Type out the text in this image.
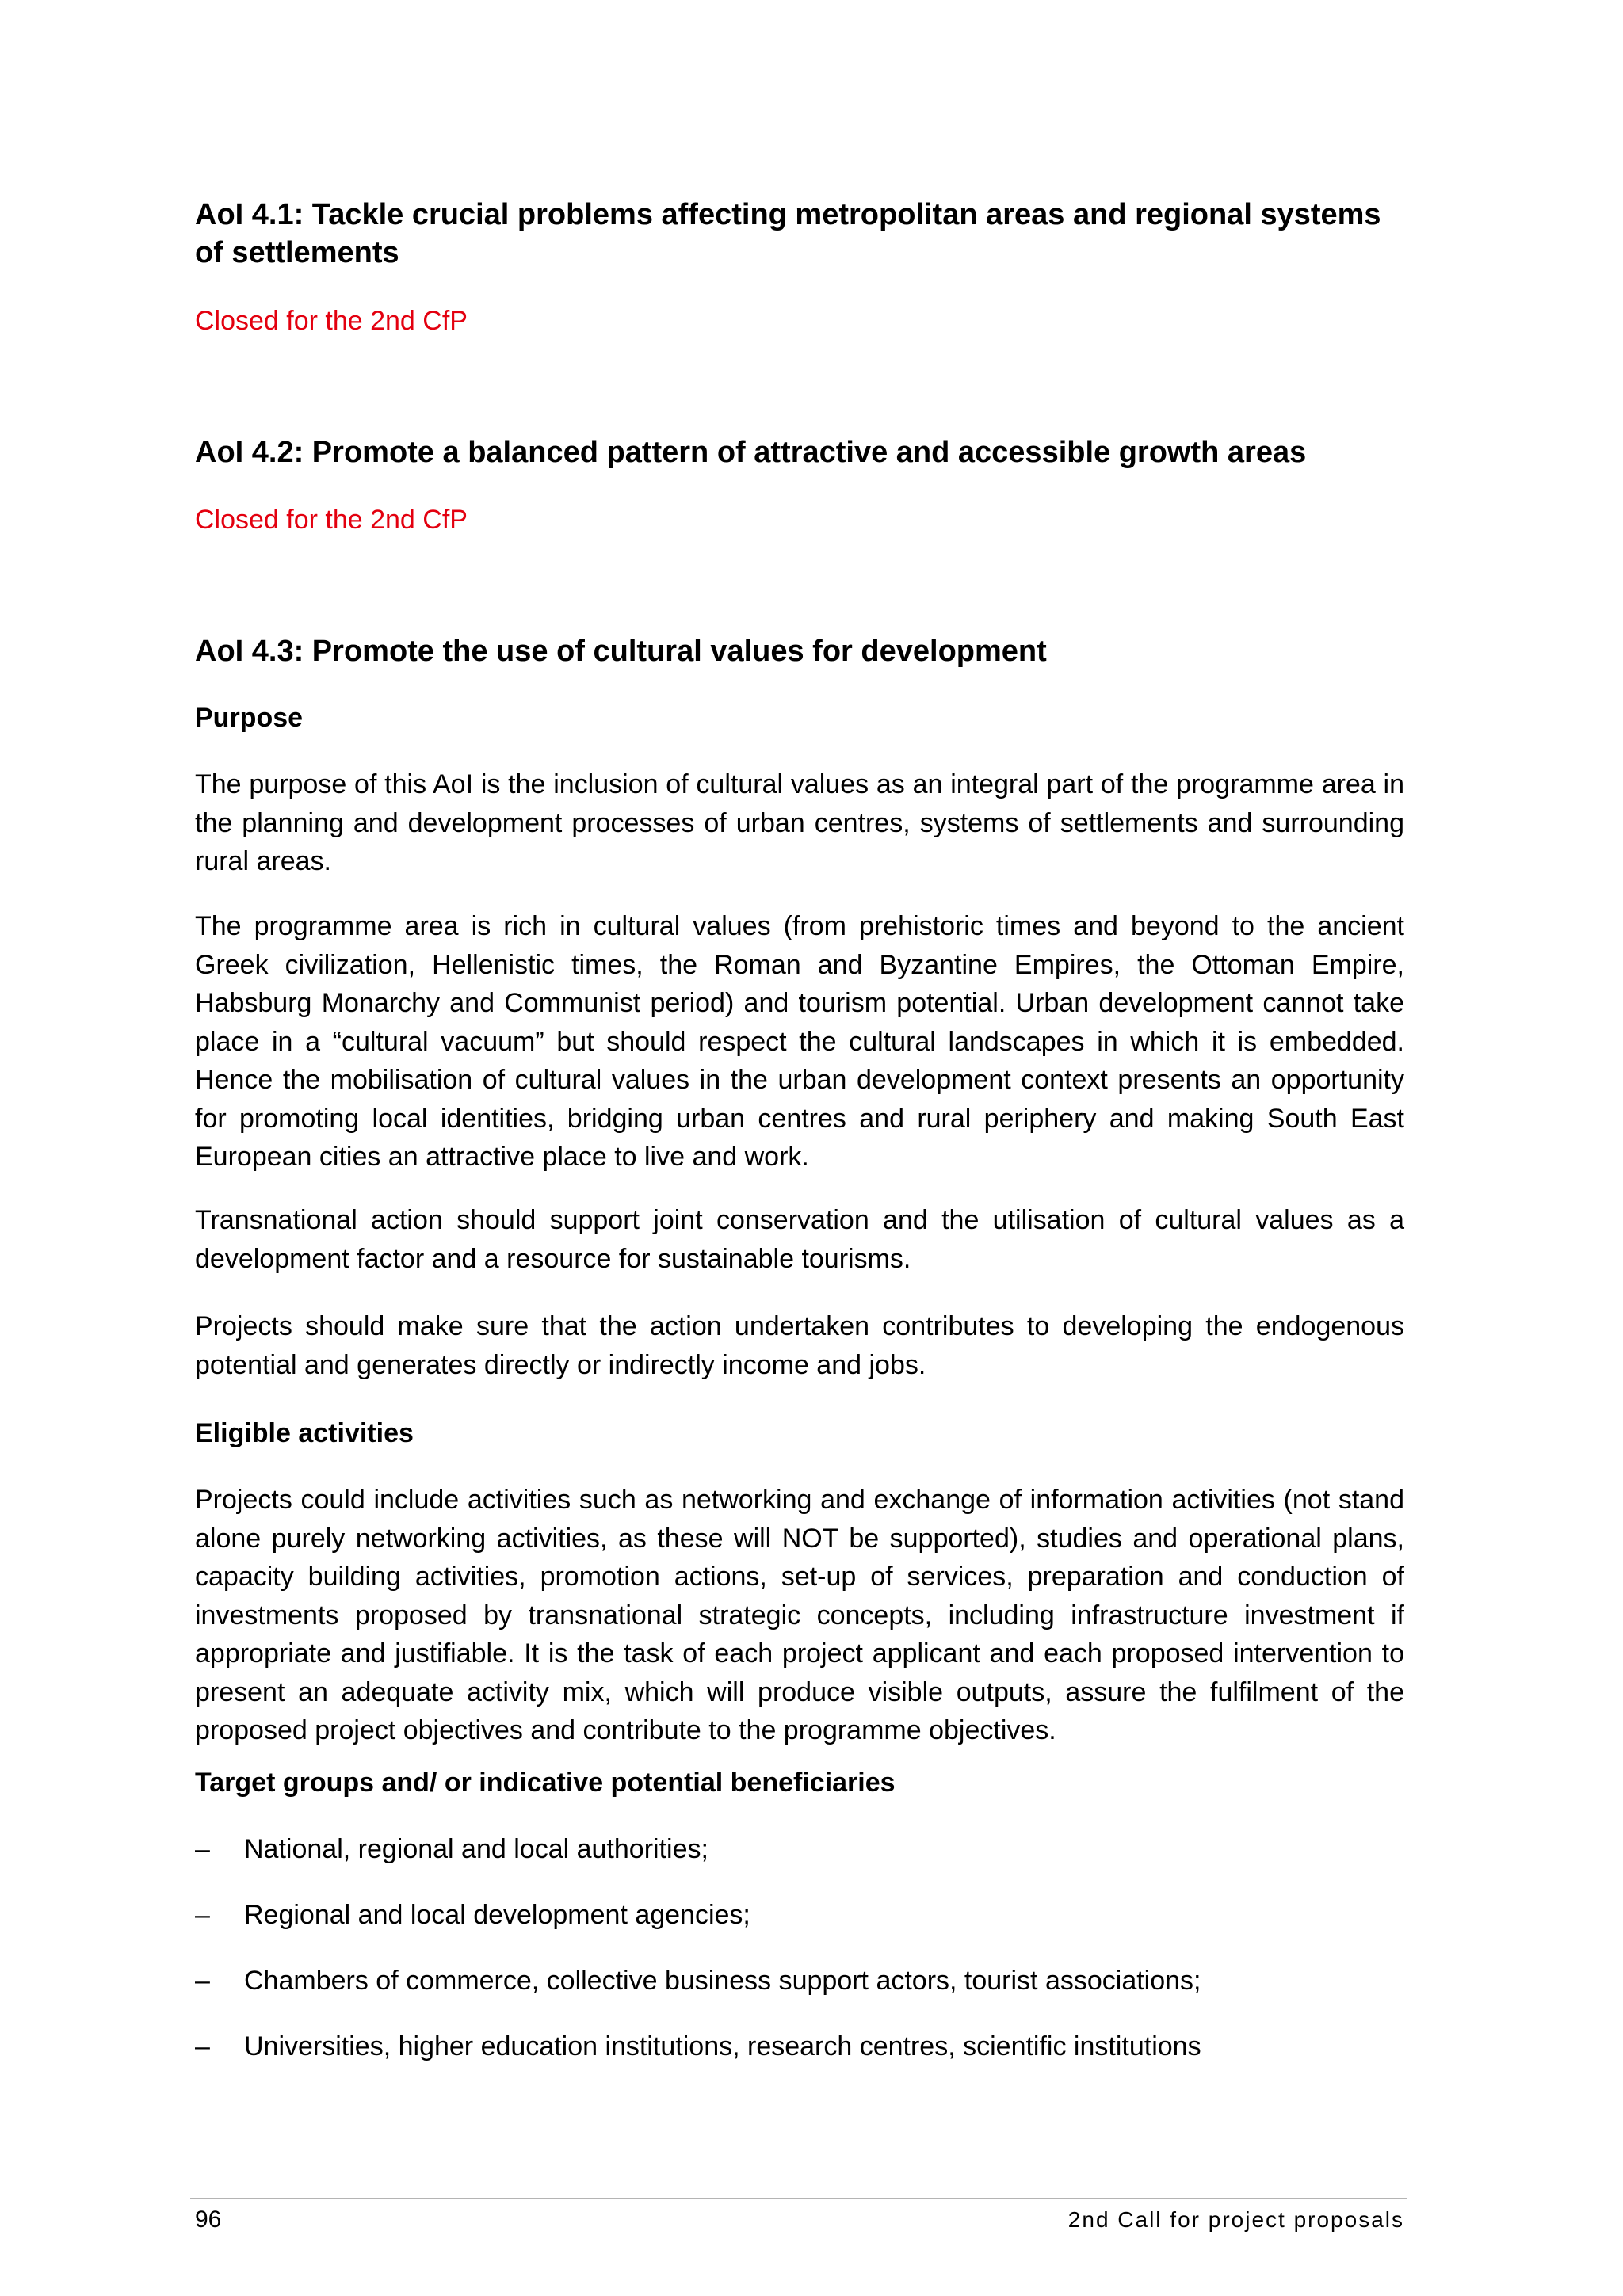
AoI 4.1: Tackle crucial problems affecting metropolitan areas and regional systems of settlements
Closed for the 2nd CfP
AoI 4.2: Promote a balanced pattern of attractive and accessible growth areas
Closed for the 2nd CfP
AoI 4.3: Promote the use of cultural values for development
Purpose

The purpose of this AoI is the inclusion of cultural values as an integral part of the programme area in the planning and development processes of urban centres, systems of settlements and surrounding rural areas.

The programme area is rich in cultural values (from prehistoric times and beyond to the ancient Greek civilization, Hellenistic times, the Roman and Byzantine Empires, the Ottoman Empire, Habsburg Monarchy and Communist period) and tourism potential. Urban development cannot take place in a “cultural vacuum” but should respect the cultural landscapes in which it is embedded. Hence the mobilisation of cultural values in the urban development context presents an opportunity for promoting local identities, bridging urban centres and rural periphery and making South East European cities an attractive place to live and work.

Transnational action should support joint conservation and the utilisation of cultural values as a development factor and a resource for sustainable tourisms.

Projects should make sure that the action undertaken contributes to developing the endogenous potential and generates directly or indirectly income and jobs.

Eligible activities

Projects could include activities such as networking and exchange of information activities (not stand alone purely networking activities, as these will NOT be supported), studies and operational plans, capacity building activities, promotion actions, set-up of services, preparation and conduction of investments proposed by transnational strategic concepts, including infrastructure investment if appropriate and justifiable. It is the task of each project applicant and each proposed intervention to present an adequate activity mix, which will produce visible outputs, assure the fulfilment of the proposed project objectives and contribute to the programme objectives.

Target groups and/ or indicative potential beneficiaries
– National, regional and local authorities;
– Regional and local development agencies;
– Chambers of commerce, collective business support actors, tourist associations;
– Universities, higher education institutions, research centres, scientific institutions
96	2nd Call for project proposals
